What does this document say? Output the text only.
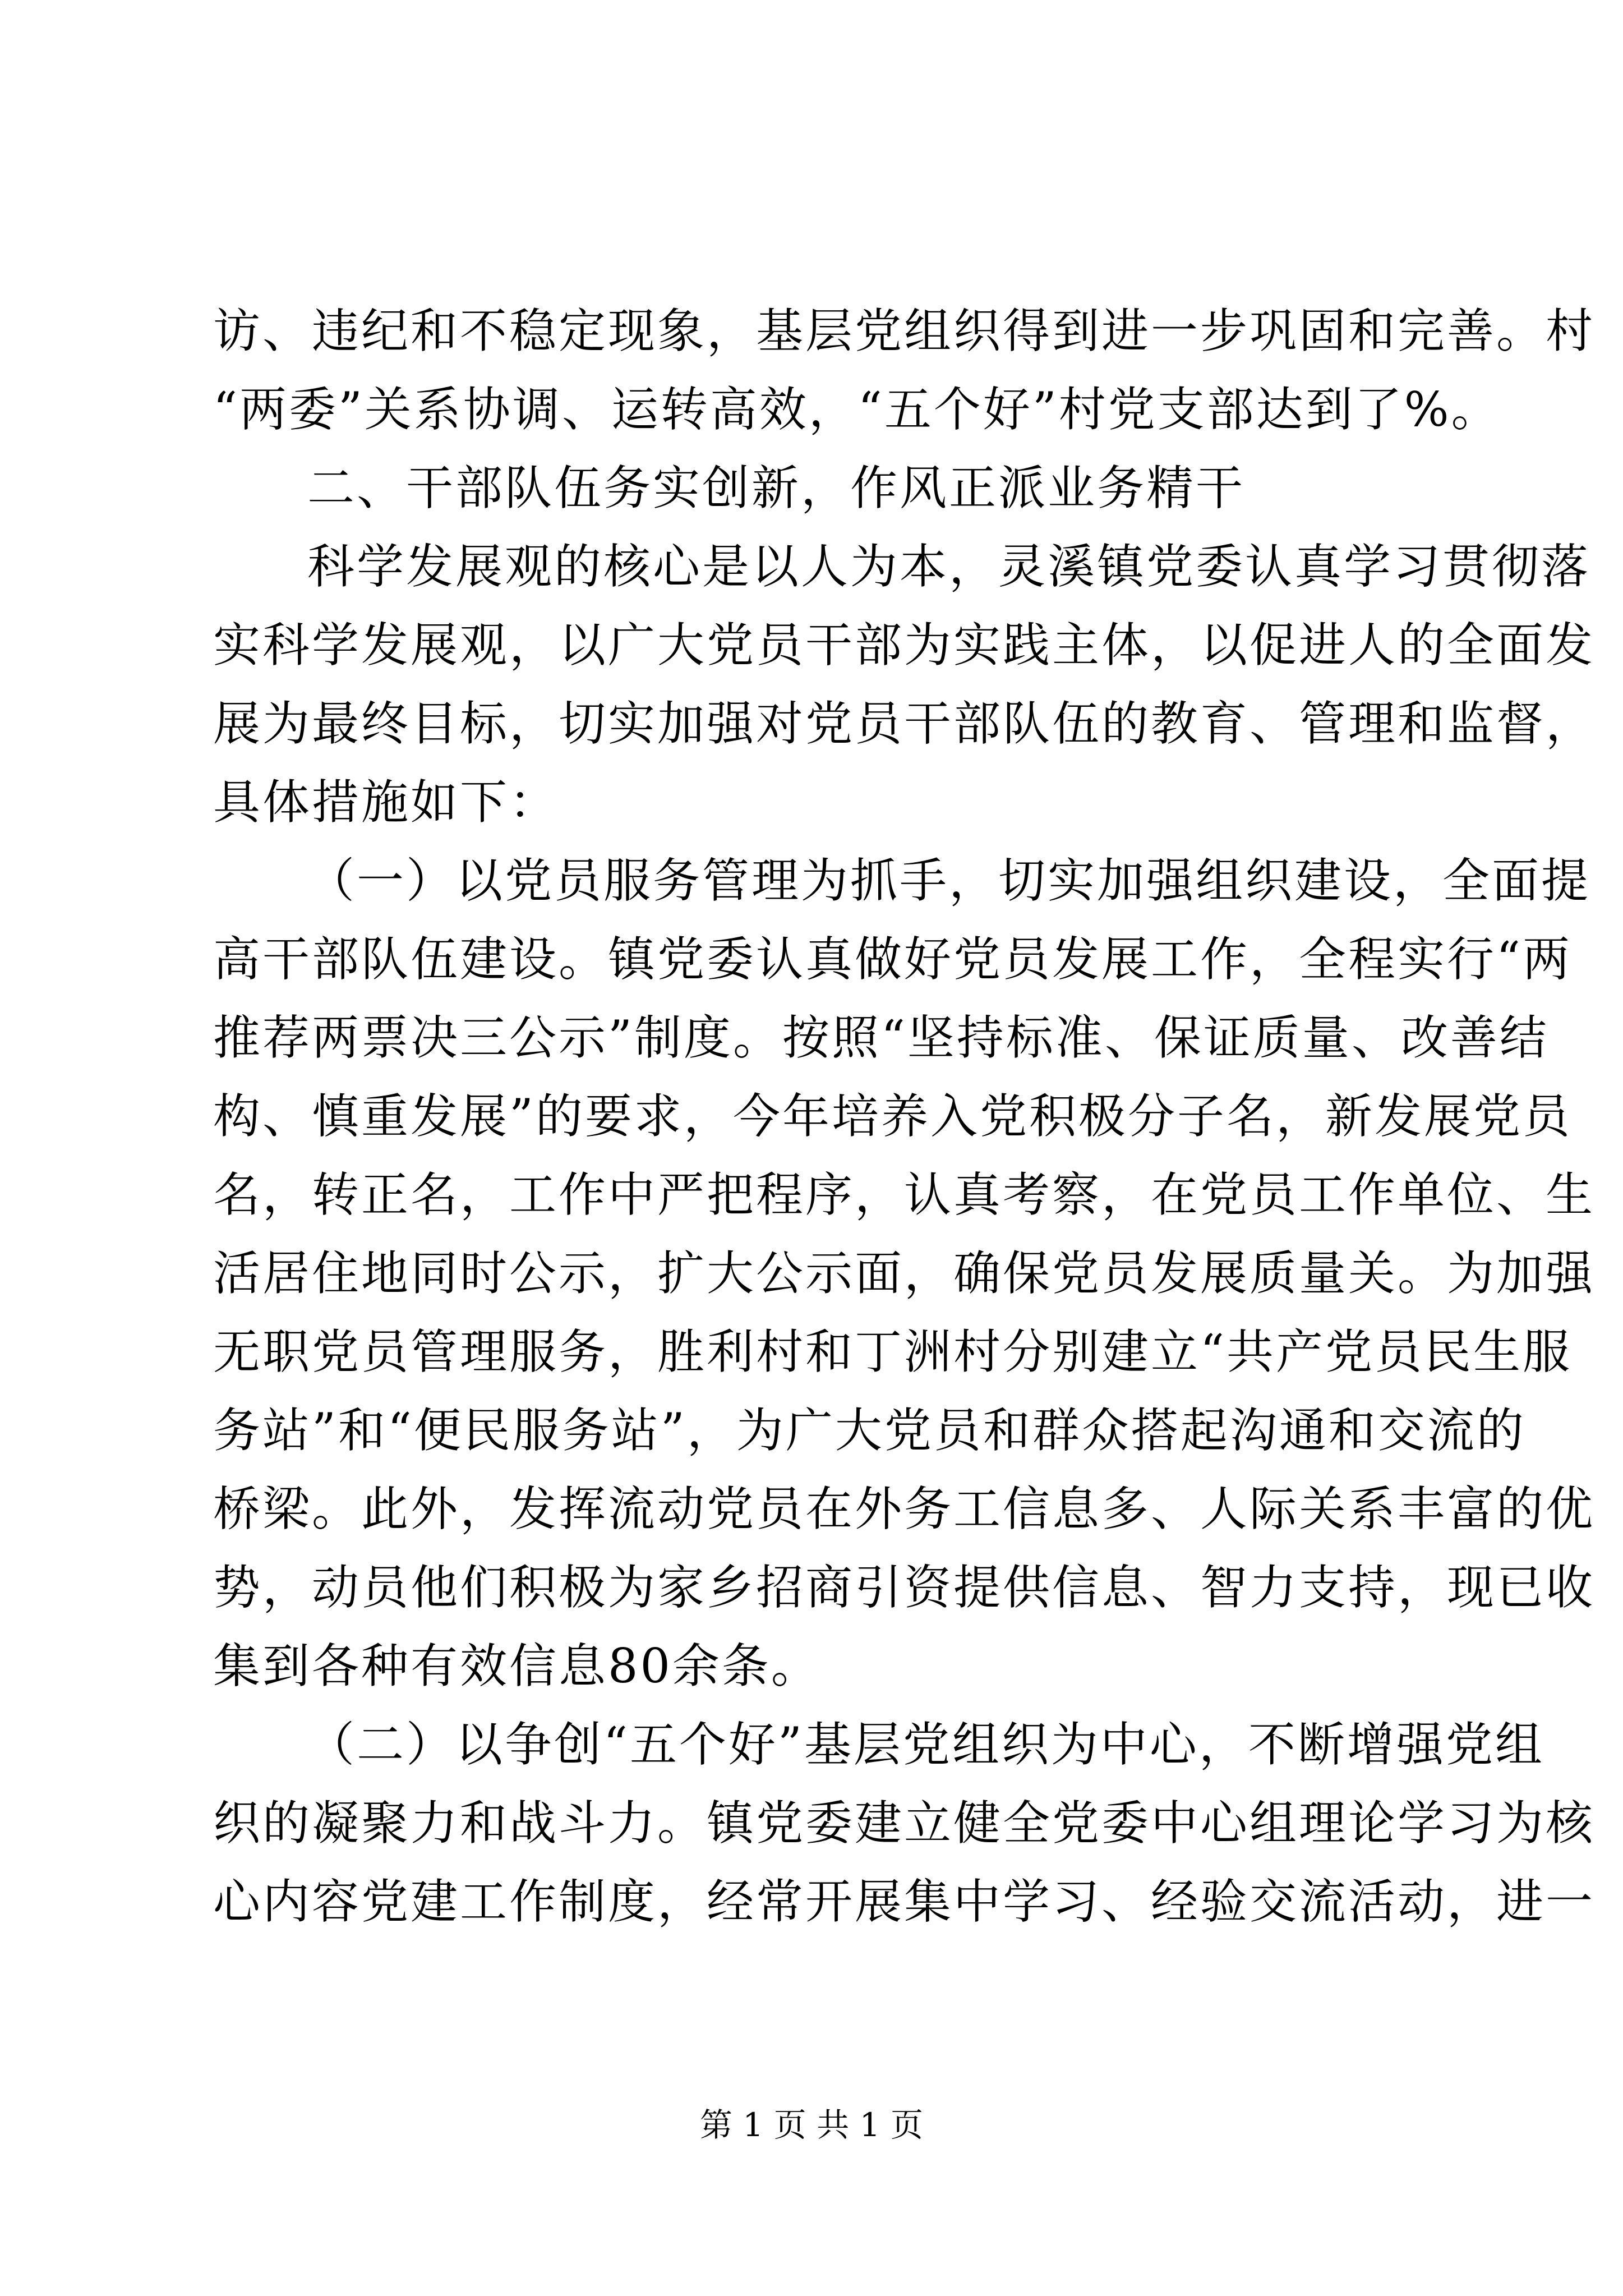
访、违纪和不稳定现象，基层党组织得到进一步巩固和完善。村
“两委”关系协调、运转高效，“五个好”村党支部达到了%。
二、干部队伍务实创新，作风正派业务精干
科学发展观的核心是以人为本，灵溪镇党委认真学习贯彻落
实科学发展观，以广大党员干部为实践主体，以促进人的全面发
展为最终目标，切实加强对党员干部队伍的教育、管理和监督，
具体措施如下：
（一）以党员服务管理为抓手，切实加强组织建设，全面提
高干部队伍建设。镇党委认真做好党员发展工作，全程实行“两
推荐两票决三公示”制度。按照“坚持标准、保证质量、改善结
构、慎重发展”的要求，今年培养入党积极分子名，新发展党员
名，转正名，工作中严把程序，认真考察，在党员工作单位、生
活居住地同时公示，扩大公示面，确保党员发展质量关。为加强
无职党员管理服务，胜利村和丁洲村分别建立“共产党员民生服
务站”和“便民服务站”，为广大党员和群众搭起沟通和交流的
桥梁。此外，发挥流动党员在外务工信息多、人际关系丰富的优
势，动员他们积极为家乡招商引资提供信息、智力支持，现已收
集到各种有效信息80余条。
（二）以争创“五个好”基层党组织为中心，不断增强党组
织的凝聚力和战斗力。镇党委建立健全党委中心组理论学习为核
心内容党建工作制度，经常开展集中学习、经验交流活动，进一
第 1 页 共 1 页
